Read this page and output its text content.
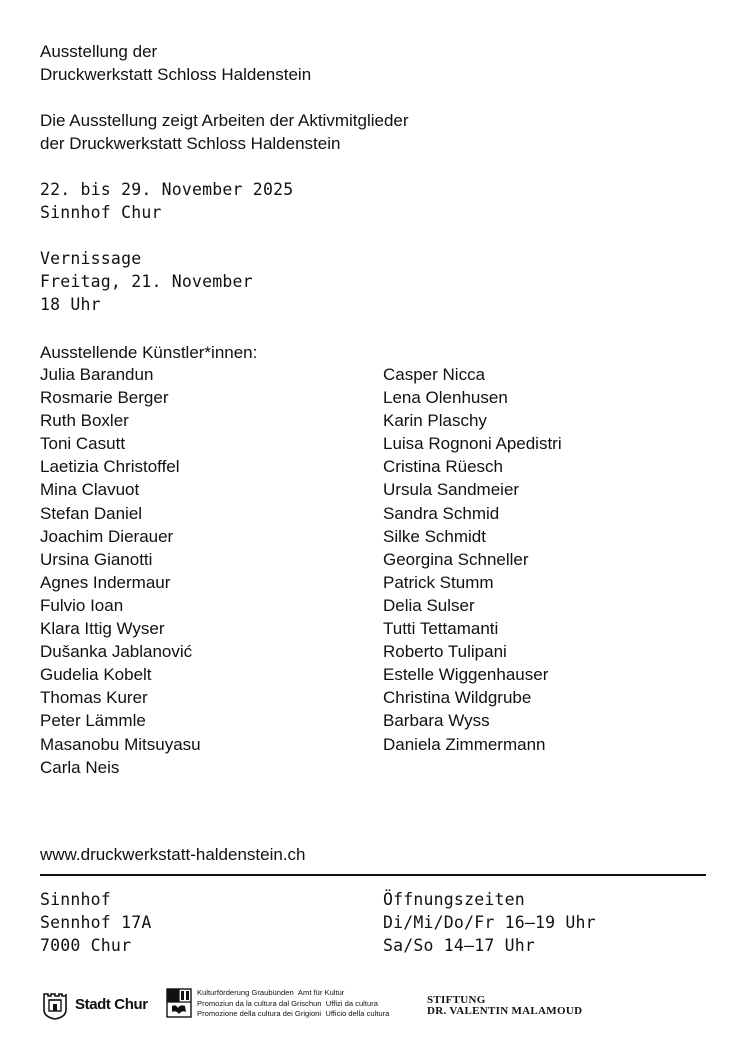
Ausstellung der
Druckwerkstatt Schloss Haldenstein
Die Ausstellung zeigt Arbeiten der Aktivmitglieder
der Druckwerkstatt Schloss Haldenstein
22. bis 29. November 2025
Sinnhof Chur
Vernissage
Freitag, 21. November
18 Uhr
Ausstellende Künstler*innen:
Julia Barandun
Rosmarie Berger
Ruth Boxler
Toni Casutt
Laetizia Christoffel
Mina Clavuot
Stefan Daniel
Joachim Dierauer
Ursina Gianotti
Agnes Indermaur
Fulvio Ioan
Klara Ittig Wyser
Dušanka Jablanović
Gudelia Kobelt
Thomas Kurer
Peter Lämmle
Masanobu Mitsuyasu
Carla Neis
Casper Nicca
Lena Olenhusen
Karin Plaschy
Luisa Rognoni Apedistri
Cristina Rüesch
Ursula Sandmeier
Sandra Schmid
Silke Schmidt
Georgina Schneller
Patrick Stumm
Delia Sulser
Tutti Tettamanti
Roberto Tulipani
Estelle Wiggenhauser
Christina Wildgrube
Barbara Wyss
Daniela Zimmermann
www.druckwerkstatt-haldenstein.ch
Sinnhof
Sennhof 17A
7000 Chur
Öffnungszeiten
Di/Mi/Do/Fr 16–19 Uhr
Sa/So 14–17 Uhr
Stadt Chur
Kulturförderung Graubünden Amt für Kultur
Promoziun da la cultura dal Grischun Uffizi da cultura
Promozione della cultura dei Grigioni Ufficio della cultura
STIFTUNG
DR. VALENTIN MALAMOUD
